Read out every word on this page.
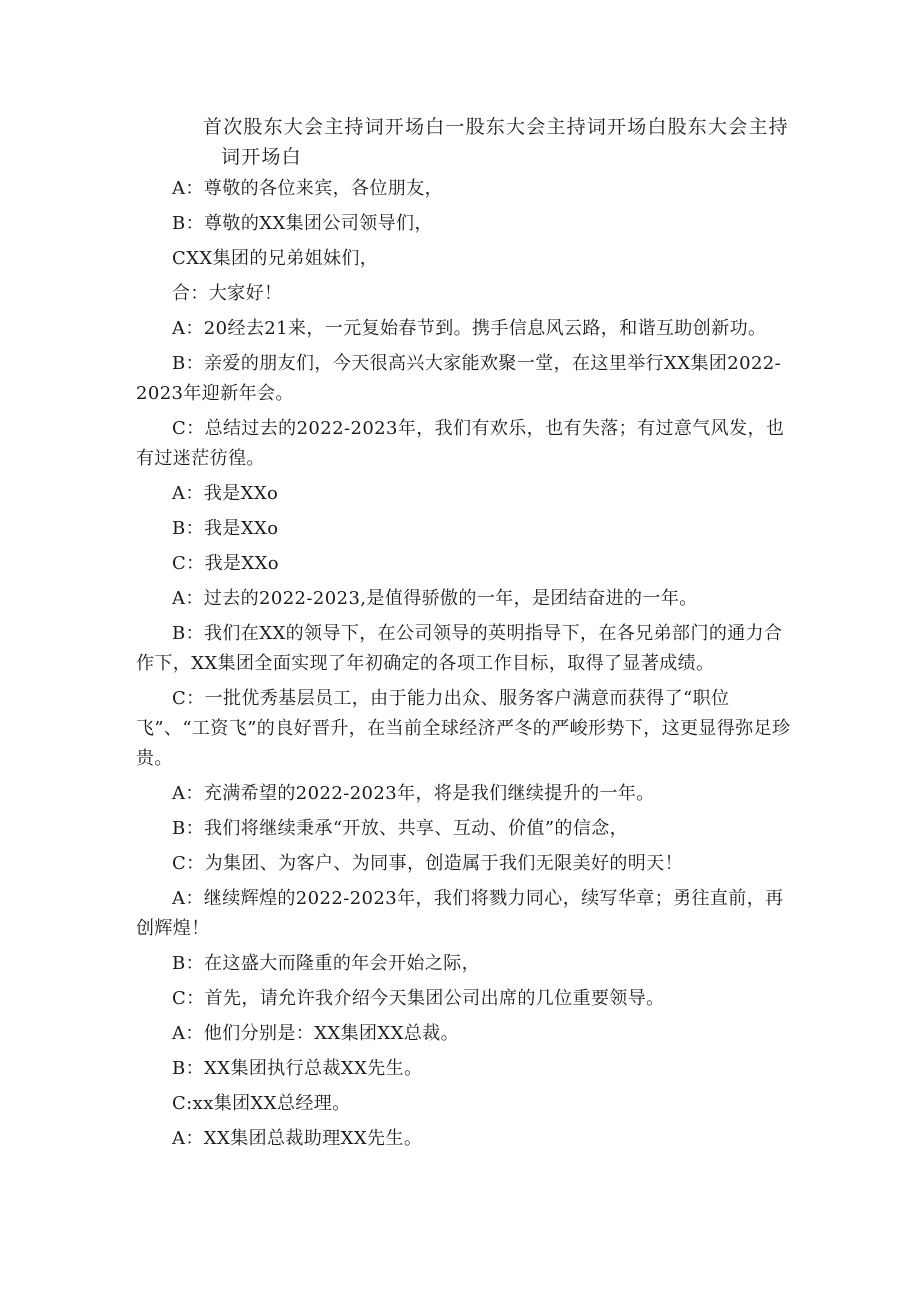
首次股东大会主持词开场白一股东大会主持词开场白股东大会主持
词开场白

A：尊敬的各位来宾，各位朋友，

B：尊敬的XX集团公司领导们，

CXX集团的兄弟姐妹们，

合：大家好！

A：20经去21来，一元复始春节到。携手信息风云路，和谐互助创新功。

B：亲爱的朋友们，今天很高兴大家能欢聚一堂，在这里举行XX集团2022-2023年迎新年会。

C：总结过去的2022-2023年，我们有欢乐，也有失落；有过意气风发，也有过迷茫彷徨。

A：我是XXo

B：我是XXo

C：我是XXo

A：过去的2022-2023,是值得骄傲的一年，是团结奋进的一年。

B：我们在XX的领导下，在公司领导的英明指导下，在各兄弟部门的通力合作下，XX集团全面实现了年初确定的各项工作目标，取得了显著成绩。

C：一批优秀基层员工，由于能力出众、服务客户满意而获得了“职位飞”、“工资飞”的良好晋升，在当前全球经济严冬的严峻形势下，这更显得弥足珍贵。

A：充满希望的2022-2023年，将是我们继续提升的一年。

B：我们将继续秉承“开放、共享、互动、价值”的信念，

C：为集团、为客户、为同事，创造属于我们无限美好的明天！

A：继续辉煌的2022-2023年，我们将戮力同心，续写华章；勇往直前，再创辉煌！

B：在这盛大而隆重的年会开始之际，

C：首先，请允许我介绍今天集团公司出席的几位重要领导。

A：他们分别是：XX集团XX总裁。

B：XX集团执行总裁XX先生。

C:xx集团XX总经理。

A：XX集团总裁助理XX先生。
